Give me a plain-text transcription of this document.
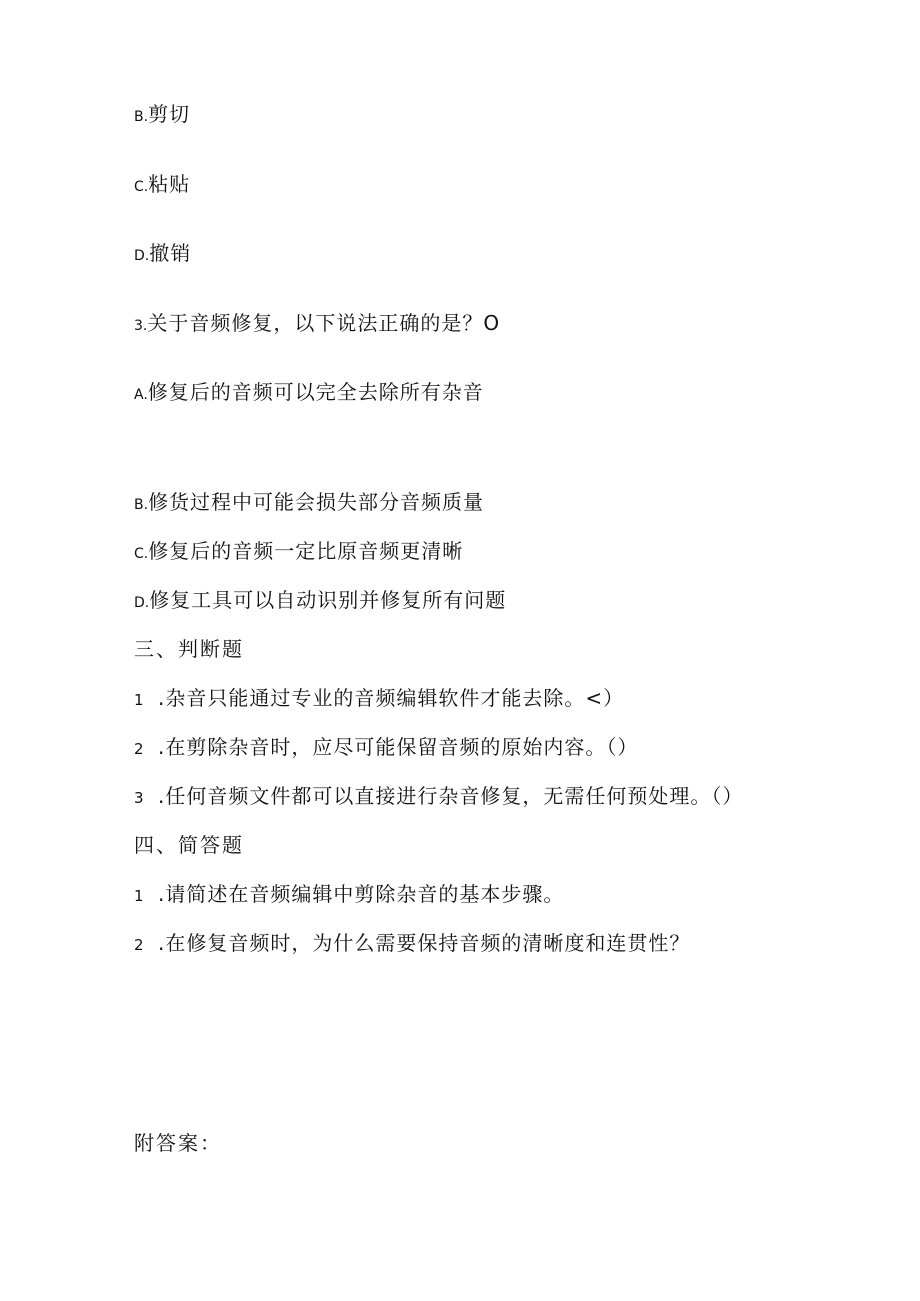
B.剪切
C.粘贴
D.撤销
3.关于音频修复，以下说法正确的是？O
A.修复后的音频可以完全去除所有杂音
B.修货过程中可能会损失部分音频质量
C.修复后的音频一定比原音频更清晰
D.修复工具可以自动识别并修复所有问题
三、判断题
1 .杂音只能通过专业的音频编辑软件才能去除。<）
2 .在剪除杂音时，应尽可能保留音频的原始内容。（）
3 .任何音频文件都可以直接进行杂音修复，无需任何预处理。（）
四、简答题
1 .请简述在音频编辑中剪除杂音的基本步骤。
2 .在修复音频时，为什么需要保持音频的清晰度和连贯性？
附答案：
